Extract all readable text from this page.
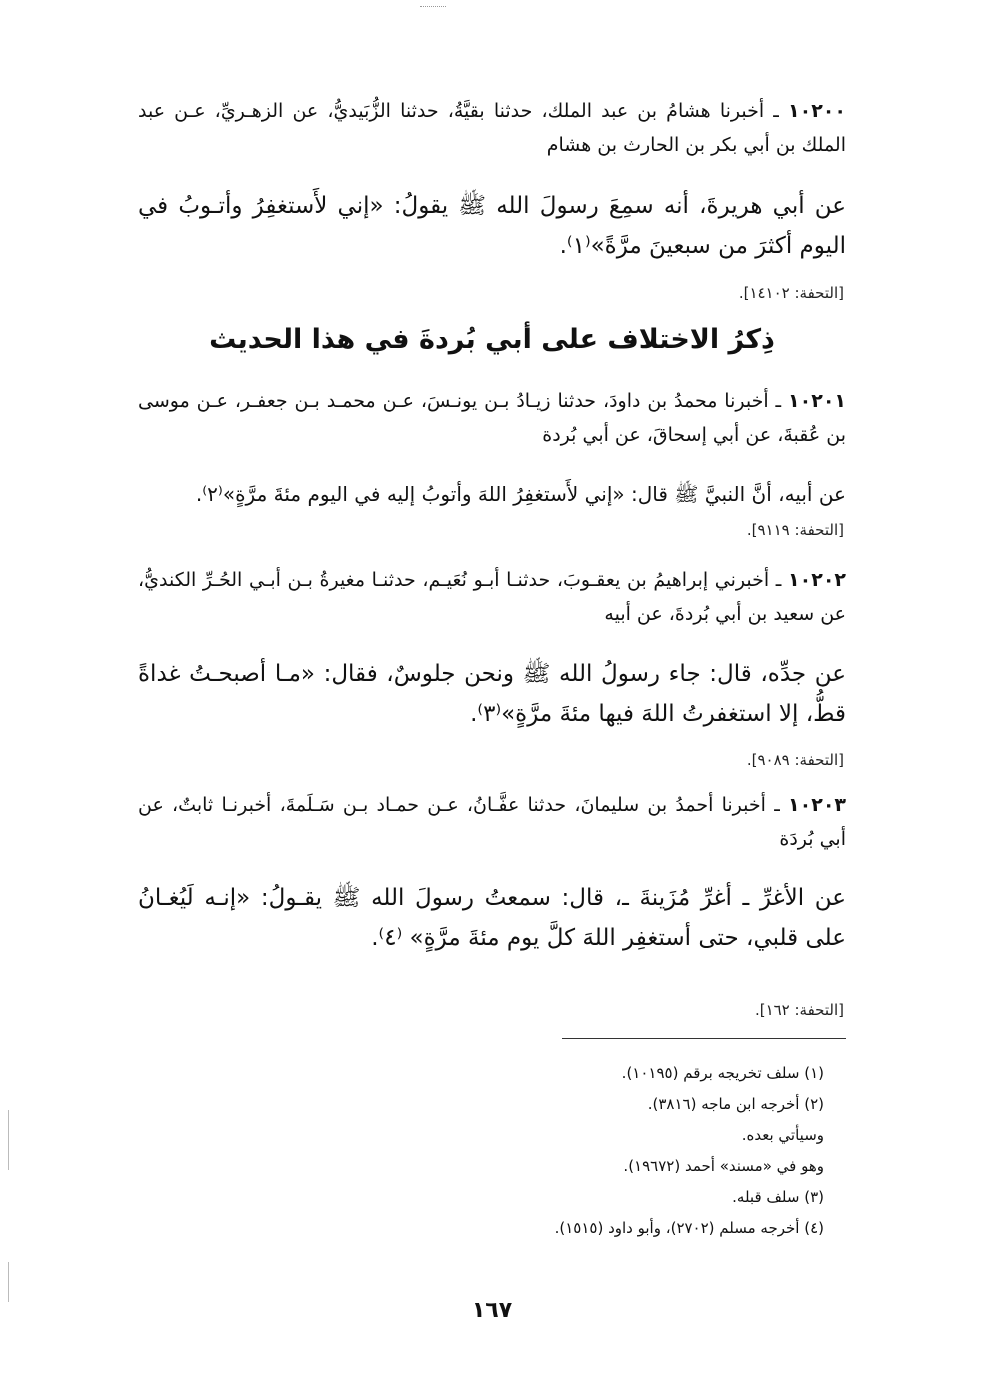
١٠٢٠٠ ـ أخبرنا هشامُ بن عبد الملك، حدثنا بقيَّةُ، حدثنا الزُّبَيديُّ، عن الزهـريِّ، عـن عبد الملك بن أبي بكر بن الحارث بن هشام
عن أبي هريرةَ، أنه سمِعَ رسولَ الله ﷺ يقولُ: «إني لأَستغفِرُ وأتـوبُ في اليوم أكثرَ من سبعينَ مرَّةً»⁽١⁾.
[التحفة: ١٤١٠٢].
ذِكرُ الاختلاف على أبي بُردةَ في هذا الحديث
١٠٢٠١ ـ أخبرنا محمدُ بن داودَ، حدثنا زيـادُ بـن يونـسَ، عـن محمـد بـن جعفـر، عـن موسى بن عُقبةَ، عن أبي إسحاقَ، عن أبي بُردة
عن أبيه، أنَّ النبيَّ ﷺ قال: «إني لأَستغفِرُ اللهَ وأتوبُ إليه في اليوم مئةَ مرَّةٍ»⁽٢⁾.
[التحفة: ٩١١٩].
١٠٢٠٢ ـ أخبرني إبراهيمُ بن يعقـوبَ، حدثنـا أبـو نُعَيـم، حدثنـا مغيرةُ بـن أبـي الحُـرِّ الكنديُّ، عن سعيد بن أبي بُردةَ، عن أبيه
عن جدِّه، قال: جاء رسولُ الله ﷺ ونحن جلوسٌ، فقال: «مـا أصبحـتُ غداةً قطُّ، إلا استغفرتُ اللهَ فيها مئةَ مرَّةٍ»⁽٣⁾.
[التحفة: ٩٠٨٩].
١٠٢٠٣ ـ أخبرنا أحمدُ بن سليمانَ، حدثنا عفَّـانُ، عـن حمـاد بـن سَـلَمةَ، أخبرنـا ثابتٌ، عن أبي بُردَة
عن الأغرِّ ـ أغرِّ مُزَينةَ ـ، قال: سمعتُ رسولَ الله ﷺ يقـولُ: «إنـه لَيُغـانُ على قلبي، حتى أستغفِر اللهَ كلَّ يوم مئةَ مرَّةٍ» ⁽٤⁾.
[التحفة: ١٦٢].
(١) سلف تخريجه برقم (١٠١٩٥).
(٢) أخرجه ابن ماجه (٣٨١٦).
وسيأتي بعده.
وهو في «مسند» أحمد (١٩٦٧٢).
(٣) سلف قبله.
(٤) أخرجه مسلم (٢٧٠٢)، وأبو داود (١٥١٥).
١٦٧
